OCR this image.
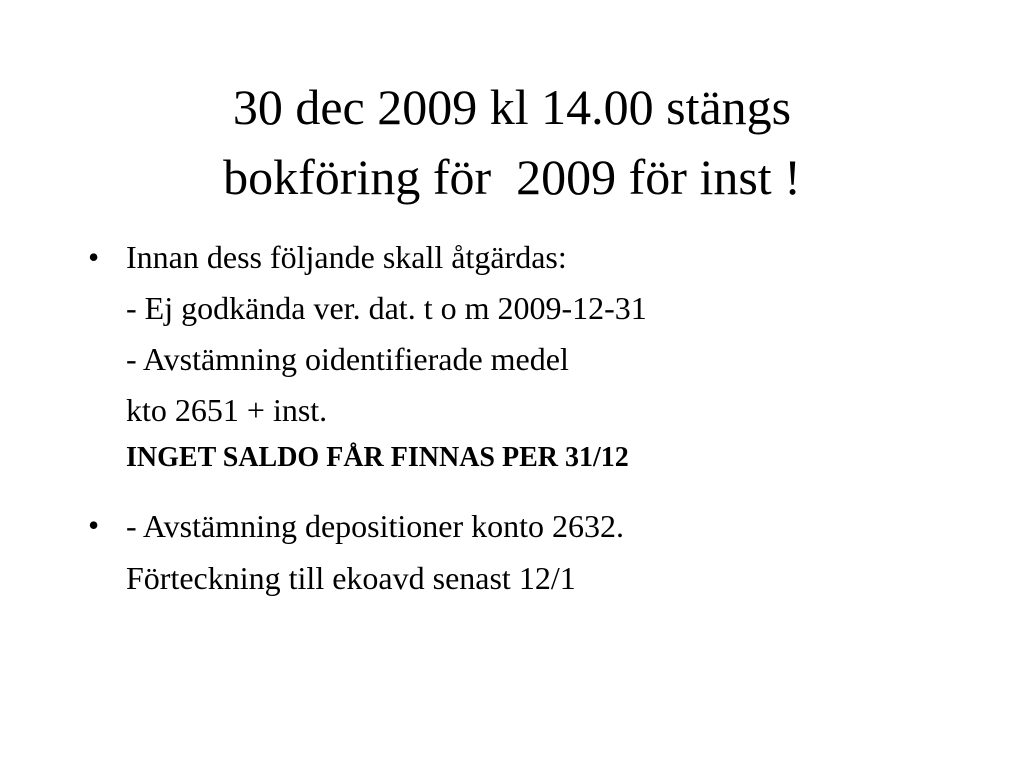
30 dec 2009 kl 14.00 stängs
bokföring för  2009 för inst !
• Innan dess följande skall åtgärdas:
- Ej godkända ver. dat. t o m 2009-12-31
- Avstämning oidentifierade medel
kto 2651 + inst.
INGET SALDO FÅR FINNAS PER 31/12
• - Avstämning depositioner konto 2632.
Förteckning till ekoavd senast 12/1
